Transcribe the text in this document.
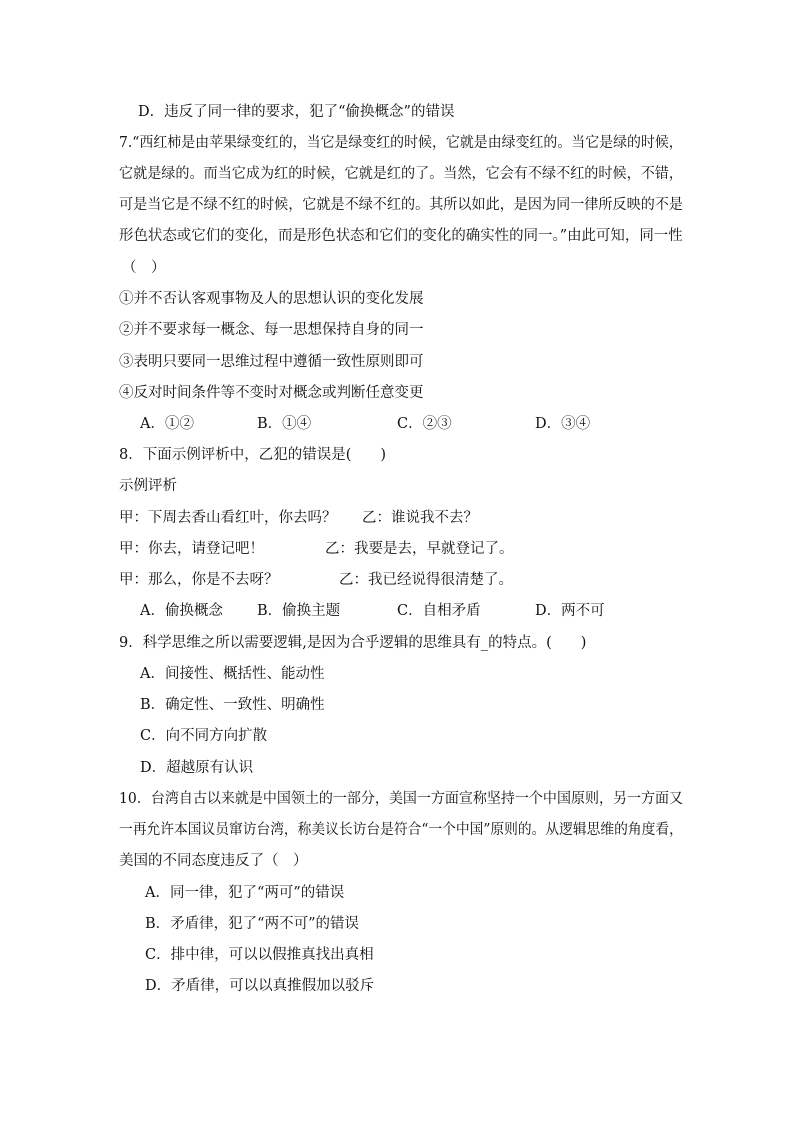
D．违反了同一律的要求，犯了“偷换概念”的错误
7.“西红柿是由苹果绿变红的，当它是绿变红的时候，它就是由绿变红的。当它是绿的时候，
它就是绿的。而当它成为红的时候，它就是红的了。当然，它会有不绿不红的时候，不错，
可是当它是不绿不红的时候，它就是不绿不红的。其所以如此，是因为同一律所反映的不是
形色状态或它们的变化，而是形色状态和它们的变化的确实性的同一。”由此可知，同一性
（　）
①并不否认客观事物及人的思想认识的变化发展
②并不要求每一概念、每一思想保持自身的同一
③表明只要同一思维过程中遵循一致性原则即可
④反对时间条件等不变时对概念或判断任意变更
A．①②	B．①④	C．②③	D．③④
8．下面示例评析中，乙犯的错误是(　　)
示例评析
甲：下周去香山看红叶，你去吗？ 乙：谁说我不去？
甲：你去，请登记吧！	乙：我要是去，早就登记了。
甲：那么，你是不去呀？	乙：我已经说得很清楚了。
A．偷换概念 B．偷换主题	C．自相矛盾	D．两不可
9．科学思维之所以需要逻辑,是因为合乎逻辑的思维具有_的特点。(　　)
A．间接性、概括性、能动性
B．确定性、一致性、明确性
C．向不同方向扩散
D．超越原有认识
10．台湾自古以来就是中国领土的一部分，美国一方面宣称坚持一个中国原则，另一方面又
一再允许本国议员窜访台湾，称美议长访台是符合“一个中国”原则的。从逻辑思维的角度看，
美国的不同态度违反了（　）
A．同一律，犯了“两可”的错误
B．矛盾律，犯了“两不可”的错误
C．排中律，可以以假推真找出真相
D．矛盾律，可以以真推假加以驳斥
